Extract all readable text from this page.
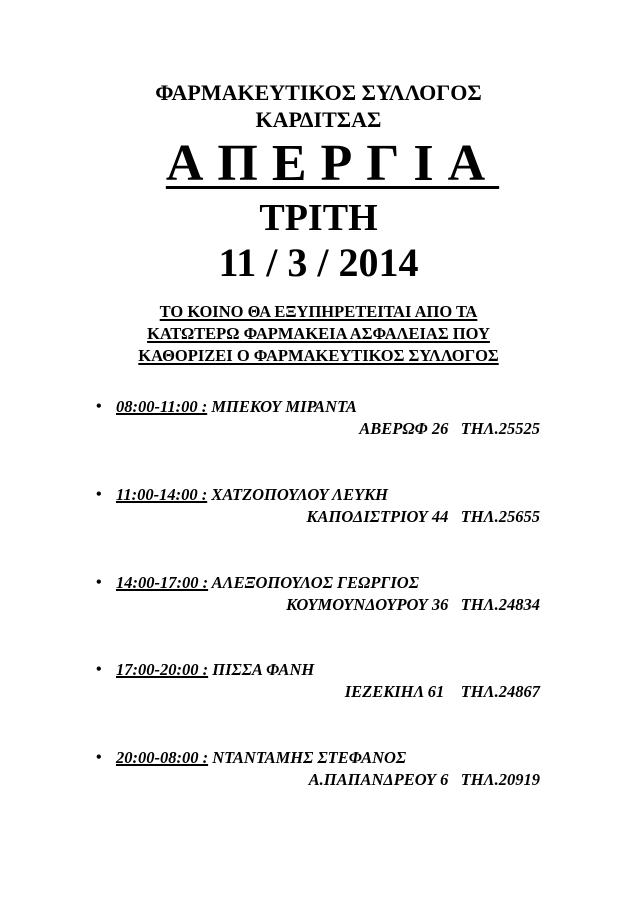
ΦΑΡΜΑΚΕΥΤΙΚΟΣ ΣΥΛΛΟΓΟΣ
ΚΑΡΔΙΤΣΑΣ
ΑΠΕΡΓΙΑ
ΤΡΙΤΗ
11 / 3 / 2014
ΤΟ ΚΟΙΝΟ ΘΑ ΕΞΥΠΗΡΕΤΕΙΤΑΙ ΑΠΟ ΤΑ
ΚΑΤΩΤΕΡΩ ΦΑΡΜΑΚΕΙΑ ΑΣΦΑΛΕΙΑΣ ΠΟΥ
ΚΑΘΟΡΙΖΕΙ Ο ΦΑΡΜΑΚΕΥΤΙΚΟΣ ΣΥΛΛΟΓΟΣ
• 08:00-11:00 : ΜΠΕΚΟΥ ΜΙΡΑΝΤΑ
ΑΒΕΡΩΦ 26   ΤΗΛ.25525
• 11:00-14:00 : ΧΑΤΖΟΠΟΥΛΟΥ ΛΕΥΚΗ
ΚΑΠΟΔΙΣΤΡΙΟΥ 44   ΤΗΛ.25655
• 14:00-17:00 : ΑΛΕΞΟΠΟΥΛΟΣ ΓΕΩΡΓΙΟΣ
ΚΟΥΜΟΥΝΔΟΥΡΟΥ 36   ΤΗΛ.24834
• 17:00-20:00 : ΠΙΣΣΑ ΦΑΝΗ
ΙΕΖΕΚΙΗΛ 61    ΤΗΛ.24867
• 20:00-08:00 : ΝΤΑΝΤΑΜΗΣ ΣΤΕΦΑΝΟΣ
Α.ΠΑΠΑΝΔΡΕΟΥ 6   ΤΗΛ.20919
